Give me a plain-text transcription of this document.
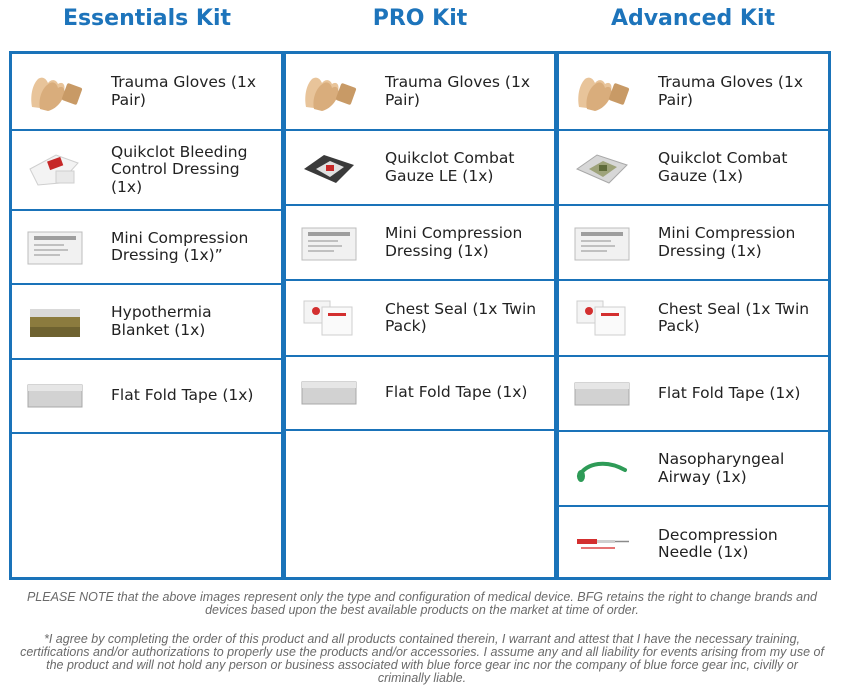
Essentials Kit	PRO Kit	Advanced Kit
Trauma Gloves (1x Pair)
Quikclot Bleeding Control Dressing (1x)
Mini Compression Dressing (1x)”
Hypothermia Blanket (1x)
Flat Fold Tape (1x)
Trauma Gloves (1x Pair)
Quikclot Combat Gauze LE (1x)
Mini Compression Dressing (1x)
Chest Seal (1x Twin Pack)
Flat Fold Tape (1x)
Trauma Gloves (1x Pair)
Quikclot Combat Gauze (1x)
Mini Compression Dressing (1x)
Chest Seal (1x Twin Pack)
Flat Fold Tape (1x)
Nasopharyngeal Airway (1x)
Decompression Needle (1x)
PLEASE NOTE that the above images represent only the type and configuration of medical device. BFG retains the right to change brands and devices based upon the best available products on the market at time of order.
*I agree by completing the order of this product and all products contained therein, I warrant and attest that I have the necessary training, certifications and/or authorizations to properly use the products and/or accessories. I assume any and all liability for events arising from my use of the product and will not hold any person or business associated with blue force gear inc nor the company of blue force gear inc, civilly or criminally liable.
